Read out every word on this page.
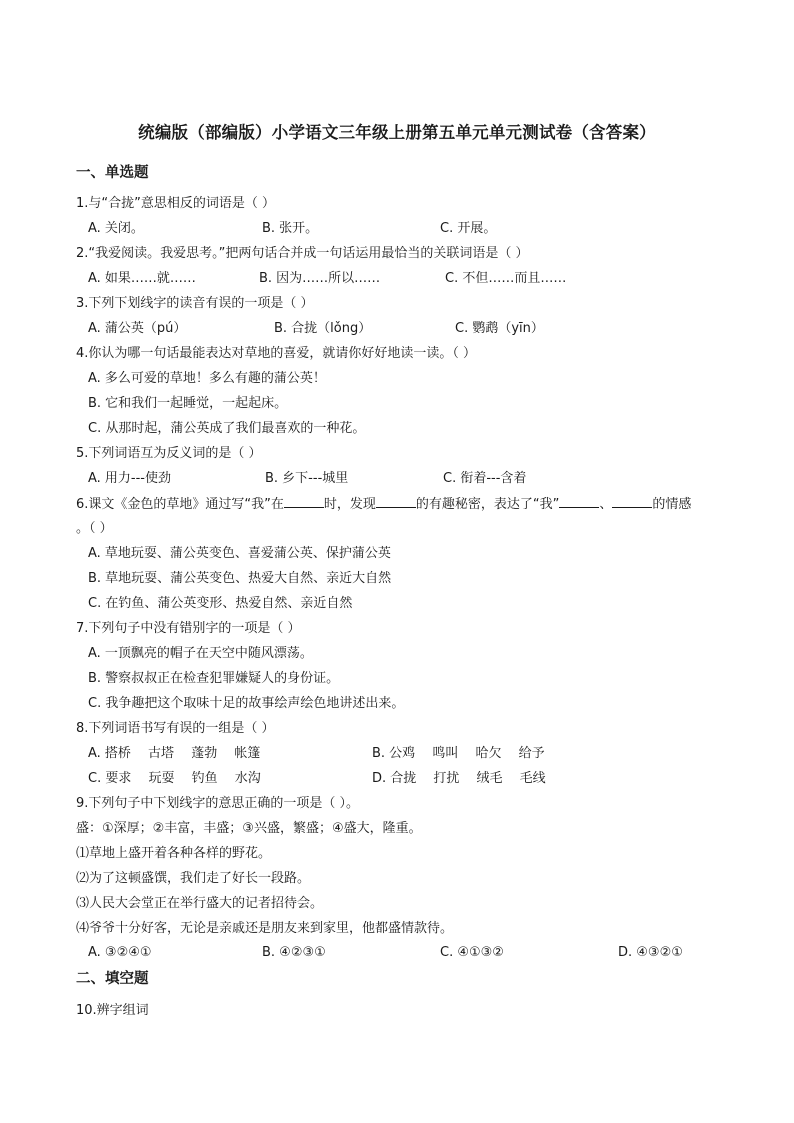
统编版（部编版）小学语文三年级上册第五单元单元测试卷（含答案）
一、单选题
1.与“合拢”意思相反的词语是（ ）
A. 关闭。	B. 张开。	C. 开展。
2.“我爱阅读。我爱思考。”把两句话合并成一句话运用最恰当的关联词语是（ ）
A. 如果……就……	B. 因为……所以……	C. 不但……而且……
3.下列下划线字的读音有误的一项是（ ）
A. 蒲公英（pú）	B. 合拢（lǒng）	C. 鹦鹉（yīn）
4.你认为哪一句话最能表达对草地的喜爱，就请你好好地读一读。（ ）
A. 多么可爱的草地！多么有趣的蒲公英！
B. 它和我们一起睡觉，一起起床。
C. 从那时起，蒲公英成了我们最喜欢的一种花。
5.下列词语互为反义词的是（ ）
A. 用力---使劲	B. 乡下---城里	C. 衔着---含着
6.课文《金色的草地》通过写“我”在	时，发现	的有趣秘密，表达了“我”	、	的情感
。（ ）
A. 草地玩耍、蒲公英变色、喜爱蒲公英、保护蒲公英
B. 草地玩耍、蒲公英变色、热爱大自然、亲近大自然
C. 在钓鱼、蒲公英变形、热爱自然、亲近自然
7.下列句子中没有错别字的一项是（ ）
A. 一顶飘亮的帽子在天空中随风漂荡。
B. 警察叔叔正在检查犯罪嫌疑人的身份证。
C. 我争趣把这个取味十足的故事绘声绘色地讲述出来。
8.下列词语书写有误的一组是（ ）
A. 搭桥　 古塔　 蓬勃　 帐篷	B. 公鸡　 鸣叫　 哈欠　 给予
C. 要求　 玩耍　 钓鱼　 水沟	D. 合拢　 打扰　 绒毛　 毛线
9.下列句子中下划线字的意思正确的一项是（ ）。
盛：①深厚；②丰富，丰盛；③兴盛，繁盛；④盛大，隆重。
⑴草地上盛开着各种各样的野花。
⑵为了这顿盛馔，我们走了好长一段路。
⑶人民大会堂正在举行盛大的记者招待会。
⑷爷爷十分好客，无论是亲戚还是朋友来到家里，他都盛情款待。
A. ③②④①	B. ④②③①	C. ④①③②	D. ④③②①
二、填空题
10.辨字组词
